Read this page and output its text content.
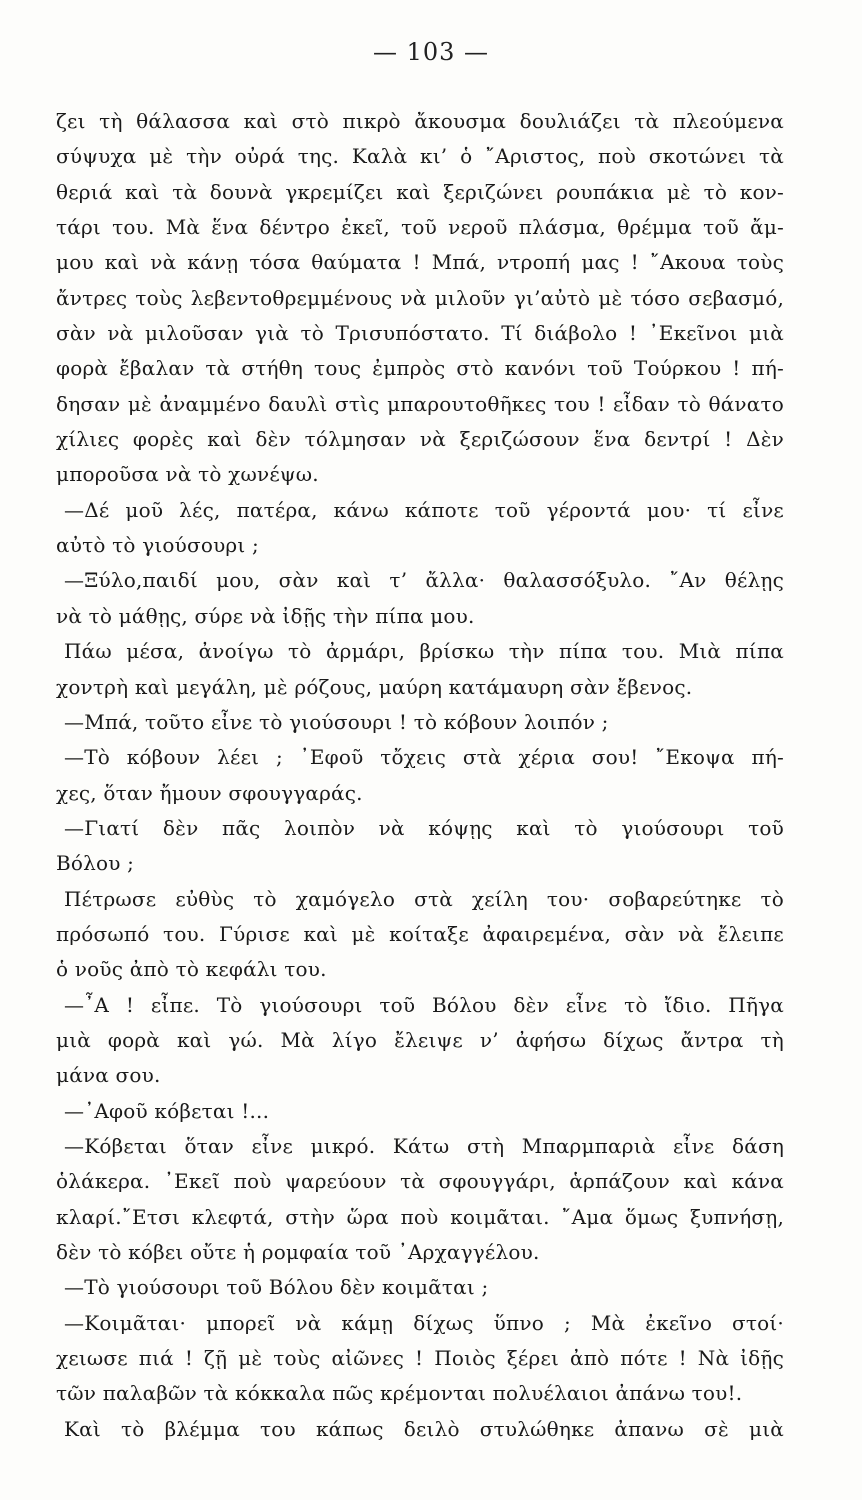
— 103 —
ζει τὴ θάλασσα καὶ στὸ πικρὸ ἄκουσμα δουλιάζει τὰ πλεούμενα
σύψυχα μὲ τὴν οὐρά της. Καλὰ κι’ ὁ ῎Αριστος, ποὺ σκοτώνει τὰ
θεριά καὶ τὰ δουνὰ γκρεμίζει καὶ ξεριζώνει ρουπάκια μὲ τὸ κον-
τάρι του. Μὰ ἕνα δέντρο ἐκεῖ, τοῦ νεροῦ πλάσμα, θρέμμα τοῦ ἄμ-
μου καὶ νὰ κάνῃ τόσα θαύματα ! Μπά, ντροπή μας ! ῎Ακουα τοὺς
ἄντρες τοὺς λεβεντοθρεμμένους νὰ μιλοῦν γι’αὐτὸ μὲ τόσο σεβασμό,
σὰν νὰ μιλοῦσαν γιὰ τὸ Τρισυπόστατο. Τί διάβολο ! ᾿Εκεῖνοι μιὰ
φορὰ ἔβαλαν τὰ στήθη τους ἐμπρὸς στὸ κανόνι τοῦ Τούρκου ! πή-
δησαν μὲ ἀναμμένο δαυλὶ στὶς μπαρουτοθῆκες του ! εἶδαν τὸ θάνατο
χίλιες φορὲς καὶ δὲν τόλμησαν νὰ ξεριζώσουν ἕνα δεντρί ! Δὲν
μποροῦσα νὰ τὸ χωνέψω.
—Δέ μοῦ λές, πατέρα, κάνω κάποτε τοῦ γέροντά μου· τί εἶνε
αὐτὸ τὸ γιούσουρι ;
—Ξύλο,παιδί μου, σὰν καὶ τ’ ἄλλα· θαλασσόξυλο. ῎Αν θέλῃς
νὰ τὸ μάθῃς, σύρε νὰ ἰδῇς τὴν πίπα μου.
Πάω μέσα, ἀνοίγω τὸ ἀρμάρι, βρίσκω τὴν πίπα του. Μιὰ πίπα
χοντρὴ καὶ μεγάλη, μὲ ρόζους, μαύρη κατάμαυρη σὰν ἔβενος.
—Μπά, τοῦτο εἶνε τὸ γιούσουρι ! τὸ κόβουν λοιπόν ;
—Τὸ κόβουν λέει ; ᾿Εφοῦ τὄχεις στὰ χέρια σου! ῎Εκοψα πή-
χες, ὅταν ἤμουν σφουγγαράς.
—Γιατί δὲν πᾶς λοιπὸν νὰ κόψῃς καὶ τὸ γιούσουρι τοῦ
Βόλου ;
Πέτρωσε εὐθὺς τὸ χαμόγελο στὰ χείλη του· σοβαρεύτηκε τὸ
πρόσωπό του. Γύρισε καὶ μὲ κοίταξε ἀφαιρεμένα, σὰν νὰ ἔλειπε
ὁ νοῦς ἀπὸ τὸ κεφάλι του.
—῏Α ! εἶπε. Τὸ γιούσουρι τοῦ Βόλου δὲν εἶνε τὸ ἴδιο. Πῆγα
μιὰ φορὰ καὶ γώ. Μὰ λίγο ἔλειψε ν’ ἀφήσω δίχως ἄντρα τὴ
μάνα σου.
—᾿Αφοῦ κόβεται !...
—Κόβεται ὅταν εἶνε μικρό. Κάτω στὴ Μπαρμπαριὰ εἶνε δάση
ὁλάκερα. ᾿Εκεῖ ποὺ ψαρεύουν τὰ σφουγγάρι, ἁρπάζουν καὶ κάνα
κλαρί.῎Ετσι κλεφτά, στὴν ὥρα ποὺ κοιμᾶται. ῎Αμα ὅμως ξυπνήσῃ,
δὲν τὸ κόβει οὔτε ἡ ρομφαία τοῦ ᾿Αρχαγγέλου.
—Τὸ γιούσουρι τοῦ Βόλου δὲν κοιμᾶται ;
—Κοιμᾶται· μπορεῖ νὰ κάμῃ δίχως ὕπνο ; Μὰ ἐκεῖνο στοί·
χειωσε πιά ! ζῇ μὲ τοὺς αἰῶνες ! Ποιὸς ξέρει ἀπὸ πότε ! Νὰ ἰδῇς
τῶν παλαβῶν τὰ κόκκαλα πῶς κρέμονται πολυέλαιοι ἀπάνω του!.
Καὶ τὸ βλέμμα του κάπως δειλὸ στυλώθηκε ἀπανω σὲ μιὰ
